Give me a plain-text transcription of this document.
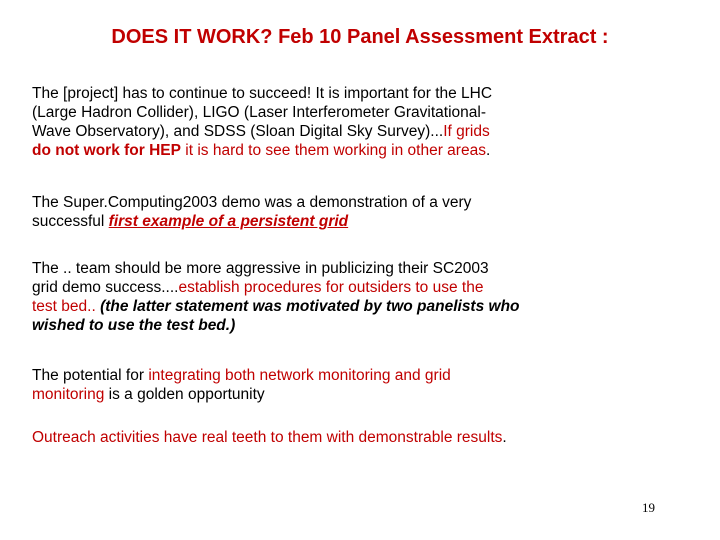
DOES IT WORK? Feb 10 Panel Assessment Extract :
The [project] has to continue to succeed! It is important for the LHC
(Large Hadron Collider), LIGO (Laser Interferometer Gravitational-
Wave Observatory), and SDSS (Sloan Digital Sky Survey)...If grids
do not work for HEP it is hard to see them working in other areas.
The Super.Computing2003 demo was a demonstration of a very
successful first example of a persistent grid
The .. team should be more aggressive in publicizing their SC2003
grid demo success....establish procedures for outsiders to use the
test bed.. (the latter statement was motivated by two panelists who
wished to use the test bed.)
The potential for integrating both network monitoring and grid
monitoring is a golden opportunity
Outreach activities have real teeth to them with demonstrable results.
19
